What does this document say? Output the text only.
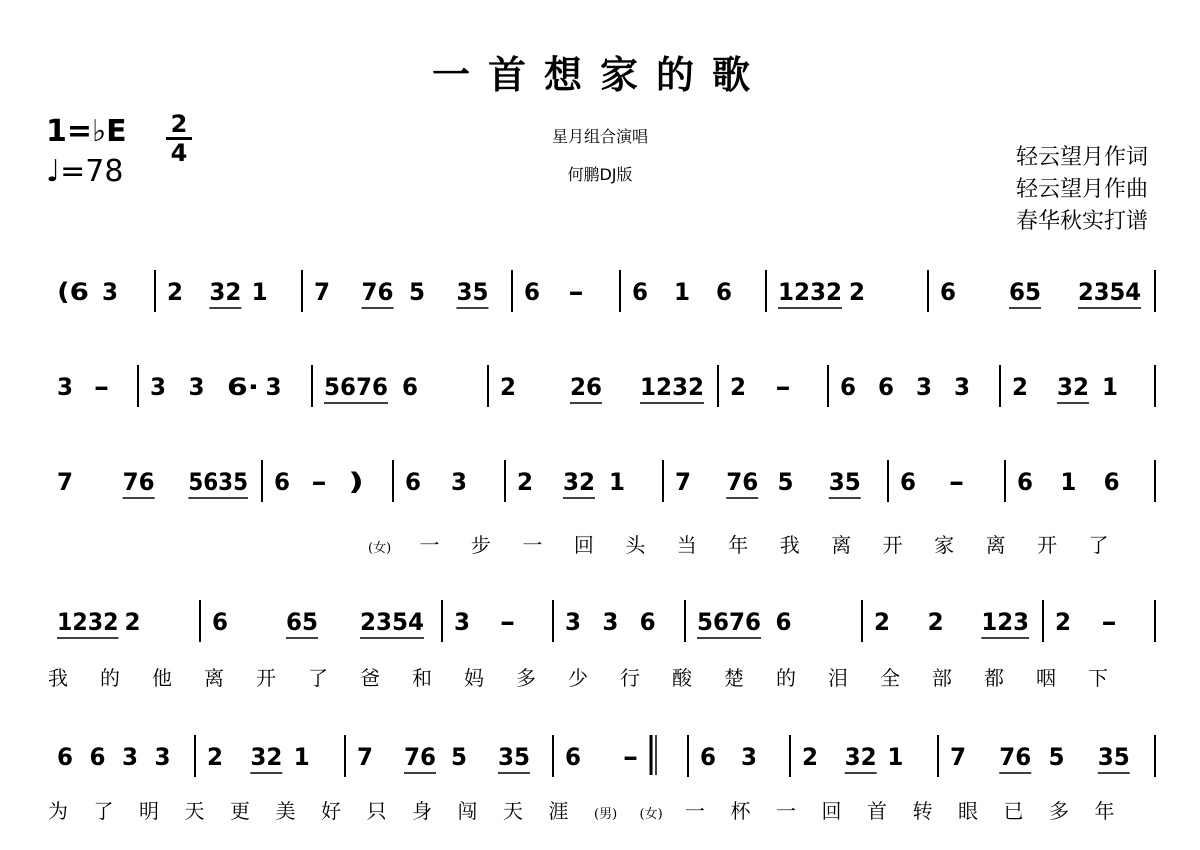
一首想家的歌
1=♭E
♩=78
2
4
星月组合演唱
何鹏DJ版
轻云望月作词
轻云望月作曲
春华秋实打谱
(6 3 2 32 1 7 76 5 35 6 - 6 1 6 1232 2	6 65 2354
3 - 3 3 6· 3 5676 6	2 26 1232 2 - 6 6 3 3 2 32 1
7 76 5635 6 - ) 6 3 2 32 1 7 76 5 35 6 - 6 1 6
(女) 一 步 一 回 头 当 年 我 离 开 家 离 开 了
1232 2	6 65 2354 3 - 3 3 6 5676 6	2 2 123 2 -
我 的 他 离 开 了 爸 和 妈 多 少 行 酸 楚 的 泪 全 部 都 咽 下
6 6 3 3 2 32 1 7 76 5 35 6 -	6 3 2 32 1 7 76 5 35
为 了 明 天 更 美 好 只 身 闯 天 涯 (男) (女) 一 杯 一 回 首 转 眼 已 多 年
